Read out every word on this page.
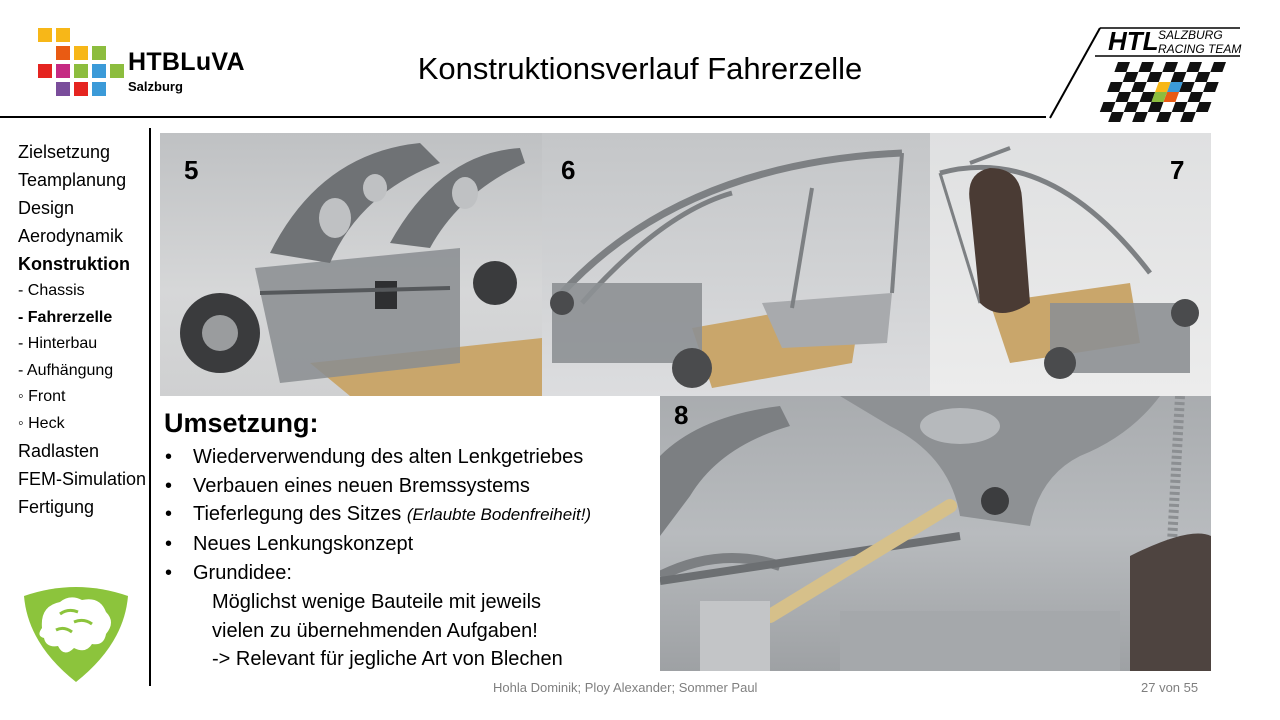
HTBLuVA
Salzburg
Konstruktionsverlauf Fahrerzelle
HTL SALZBURG
RACING TEAM
Zielsetzung
Teamplanung
Design
Aerodynamik
Konstruktion
- Chassis
- Fahrerzelle
- Hinterbau
- Aufhängung
◦ Front
◦ Heck
Radlasten
FEM-Simulation
Fertigung
5	6	7
8
Umsetzung:
• Wiederverwendung des alten Lenkgetriebes
• Verbauen eines neuen Bremssystems
• Tieferlegung des Sitzes (Erlaubte Bodenfreiheit!)
• Neues Lenkungskonzept
• Grundidee:
Möglichst wenige Bauteile mit jeweils
vielen zu übernehmenden Aufgaben!
-> Relevant für jegliche Art von Blechen
Hohla Dominik; Ploy Alexander; Sommer Paul	27 von 55
